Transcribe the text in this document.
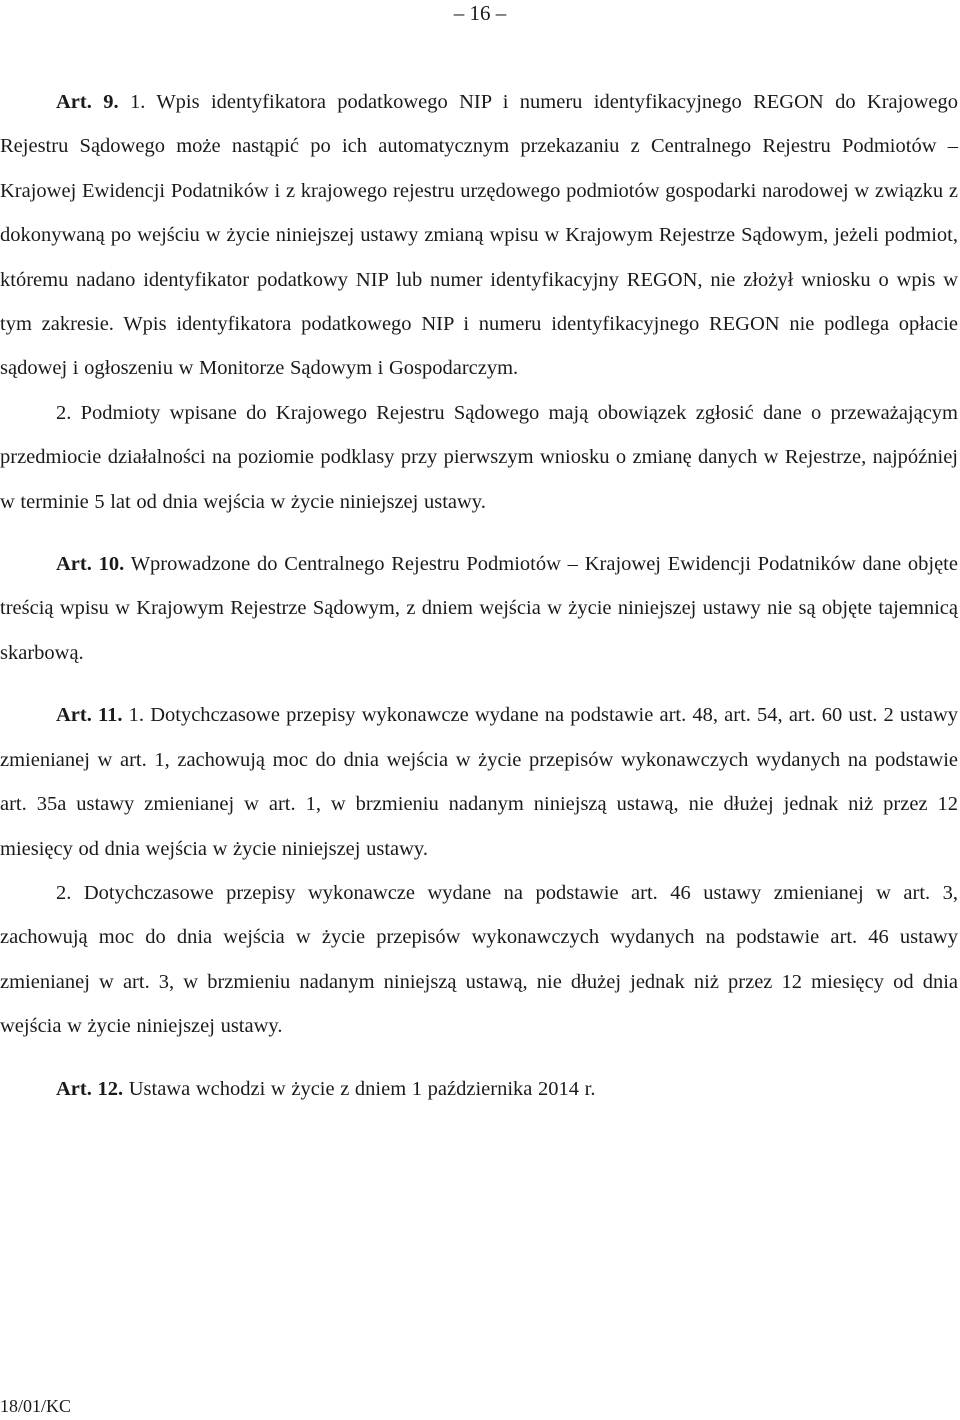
– 16 –

Art. 9. 1. Wpis identyfikatora podatkowego NIP i numeru identyfikacyjnego REGON do Krajowego Rejestru Sądowego może nastąpić po ich automatycznym przekazaniu z Centralnego Rejestru Podmiotów – Krajowej Ewidencji Podatników i z krajowego rejestru urzędowego podmiotów gospodarki narodowej w związku z dokonywaną po wejściu w życie niniejszej ustawy zmianą wpisu w Krajowym Rejestrze Sądowym, jeżeli podmiot, któremu nadano identyfikator podatkowy NIP lub numer identyfikacyjny REGON, nie złożył wniosku o wpis w tym zakresie. Wpis identyfikatora podatkowego NIP i numeru identyfikacyjnego REGON nie podlega opłacie sądowej i ogłoszeniu w Monitorze Sądowym i Gospodarczym.

2. Podmioty wpisane do Krajowego Rejestru Sądowego mają obowiązek zgłosić dane o przeważającym przedmiocie działalności na poziomie podklasy przy pierwszym wniosku o zmianę danych w Rejestrze, najpóźniej w terminie 5 lat od dnia wejścia w życie niniejszej ustawy.

Art. 10. Wprowadzone do Centralnego Rejestru Podmiotów – Krajowej Ewidencji Podatników dane objęte treścią wpisu w Krajowym Rejestrze Sądowym, z dniem wejścia w życie niniejszej ustawy nie są objęte tajemnicą skarbową.

Art. 11. 1. Dotychczasowe przepisy wykonawcze wydane na podstawie art. 48, art. 54, art. 60 ust. 2 ustawy zmienianej w art. 1, zachowują moc do dnia wejścia w życie przepisów wykonawczych wydanych na podstawie art. 35a ustawy zmienianej w art. 1, w brzmieniu nadanym niniejszą ustawą, nie dłużej jednak niż przez 12 miesięcy od dnia wejścia w życie niniejszej ustawy.

2. Dotychczasowe przepisy wykonawcze wydane na podstawie art. 46 ustawy zmienianej w art. 3, zachowują moc do dnia wejścia w życie przepisów wykonawczych wydanych na podstawie art. 46 ustawy zmienianej w art. 3, w brzmieniu nadanym niniejszą ustawą, nie dłużej jednak niż przez 12 miesięcy od dnia wejścia w życie niniejszej ustawy.

Art. 12. Ustawa wchodzi w życie z dniem 1 października 2014 r.

18/01/KC
